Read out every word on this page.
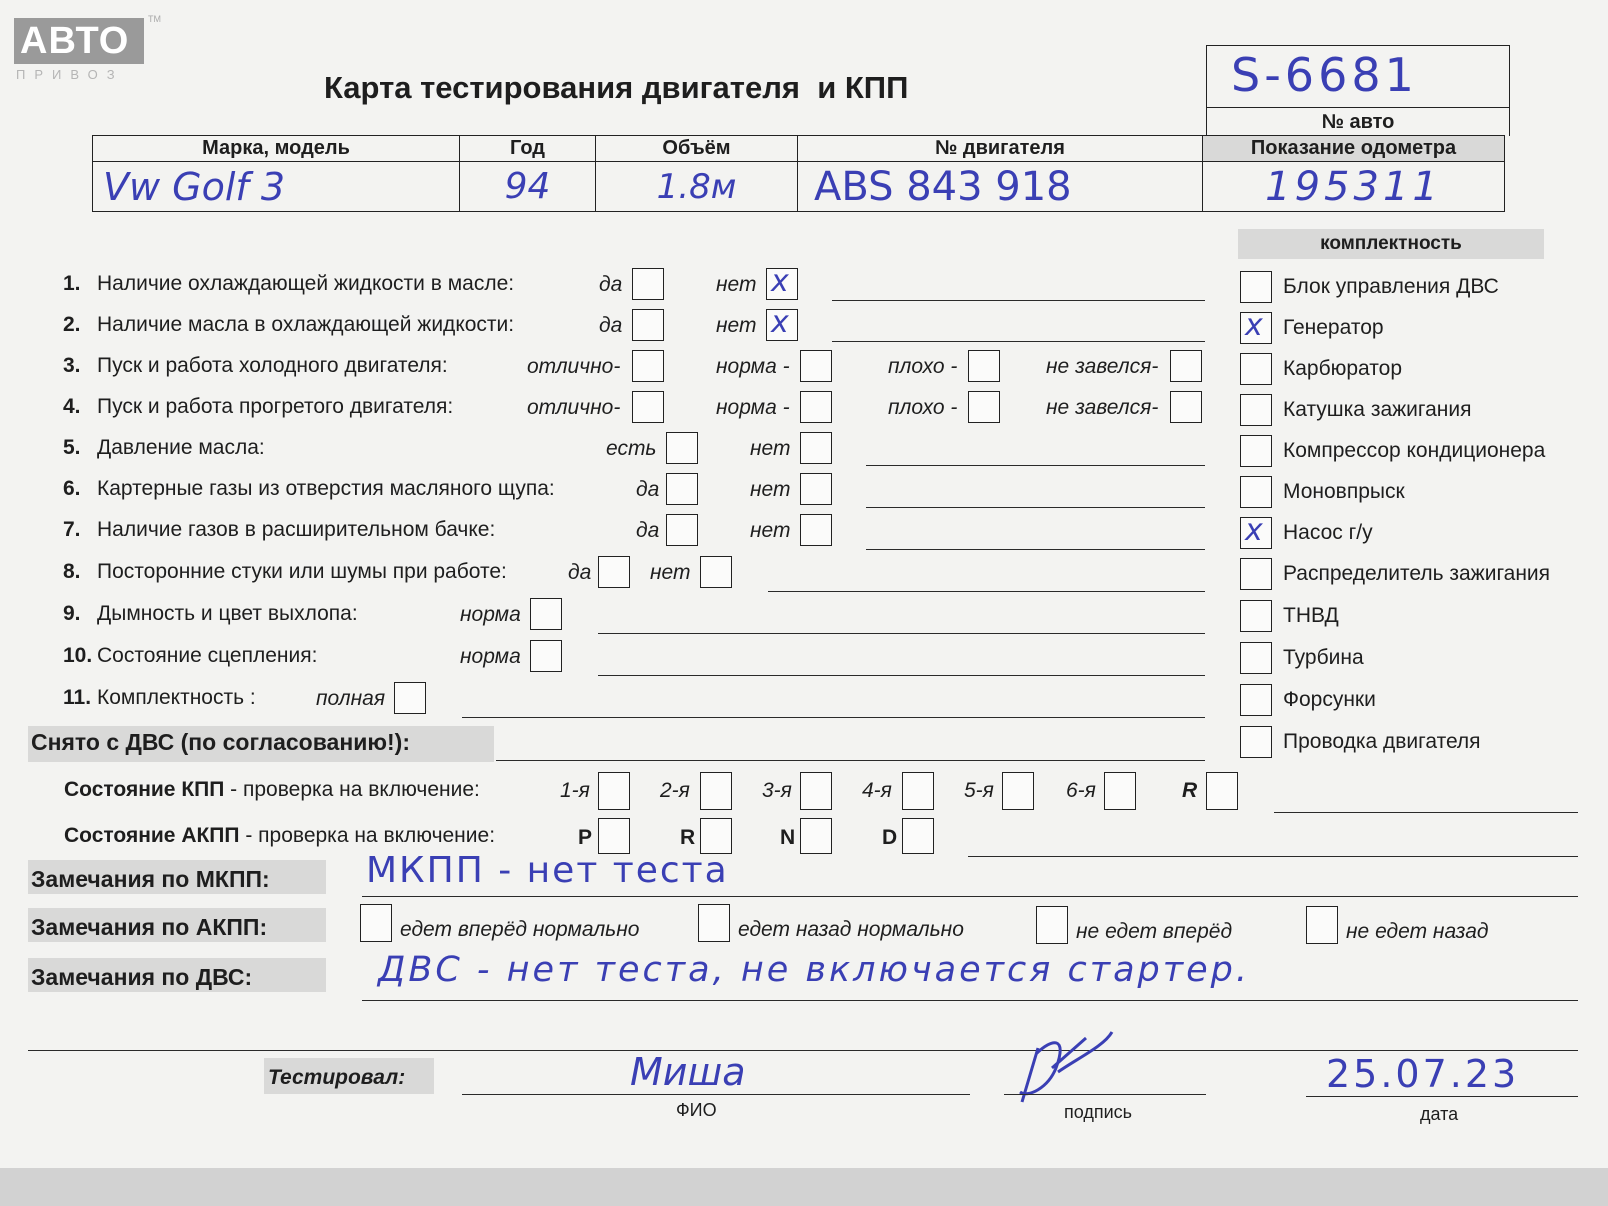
АВТО
TM
ПРИВОЗ	Карта тестирования двигателя  и КПП	S-6681
№ авто
Марка, модель	Год	Объём	№ двигателя	Показание одометра
Vw Golf 3	94	1.8м	ABS 843 918	195311
комплектность
1. Наличие охлаждающей жидкости в масле:	да	нет x
2. Наличие масла в охлаждающей жидкости:	да	нет x
3. Пуск и работа холодного двигателя:	отлично-	норма -	плохо -	не завелся-
4. Пуск и работа прогретого двигателя:	отлично-	норма -	плохо -	не завелся-
5. Давление масла:	есть	нет
6. Картерные газы из отверстия масляного щупа:	да	нет
7. Наличие газов в расширительном бачке:	да	нет
8. Посторонние стуки или шумы при работе:	да	нет
9. Дымность и цвет выхлопа:	норма
10. Состояние сцепления:	норма
11. Комплектность :	полная
Снято с ДВС (по согласованию!):
Блок управления ДВС
x Генератор
Карбюратор
Катушка зажигания
Компрессор кондиционера
Моновпрыск
x Насос г/у
Распределитель зажигания
ТНВД
Турбина
Форсунки
Проводка двигателя
Состояние КПП - проверка на включение:	1-я	2-я	3-я	4-я	5-я	6-я	R
Состояние АКПП - проверка на включение:	P	R	N	D
Замечания по МКПП:	МКПП - нет теста
Замечания по АКПП:	едет вперёд нормально	едет назад нормально	не едет вперёд	не едет назад
Замечания по ДВС:	ДВС - нет теста, не включается стартер.
Тестировал:	Миша
ФИО	подпись
25.07.23
дата
